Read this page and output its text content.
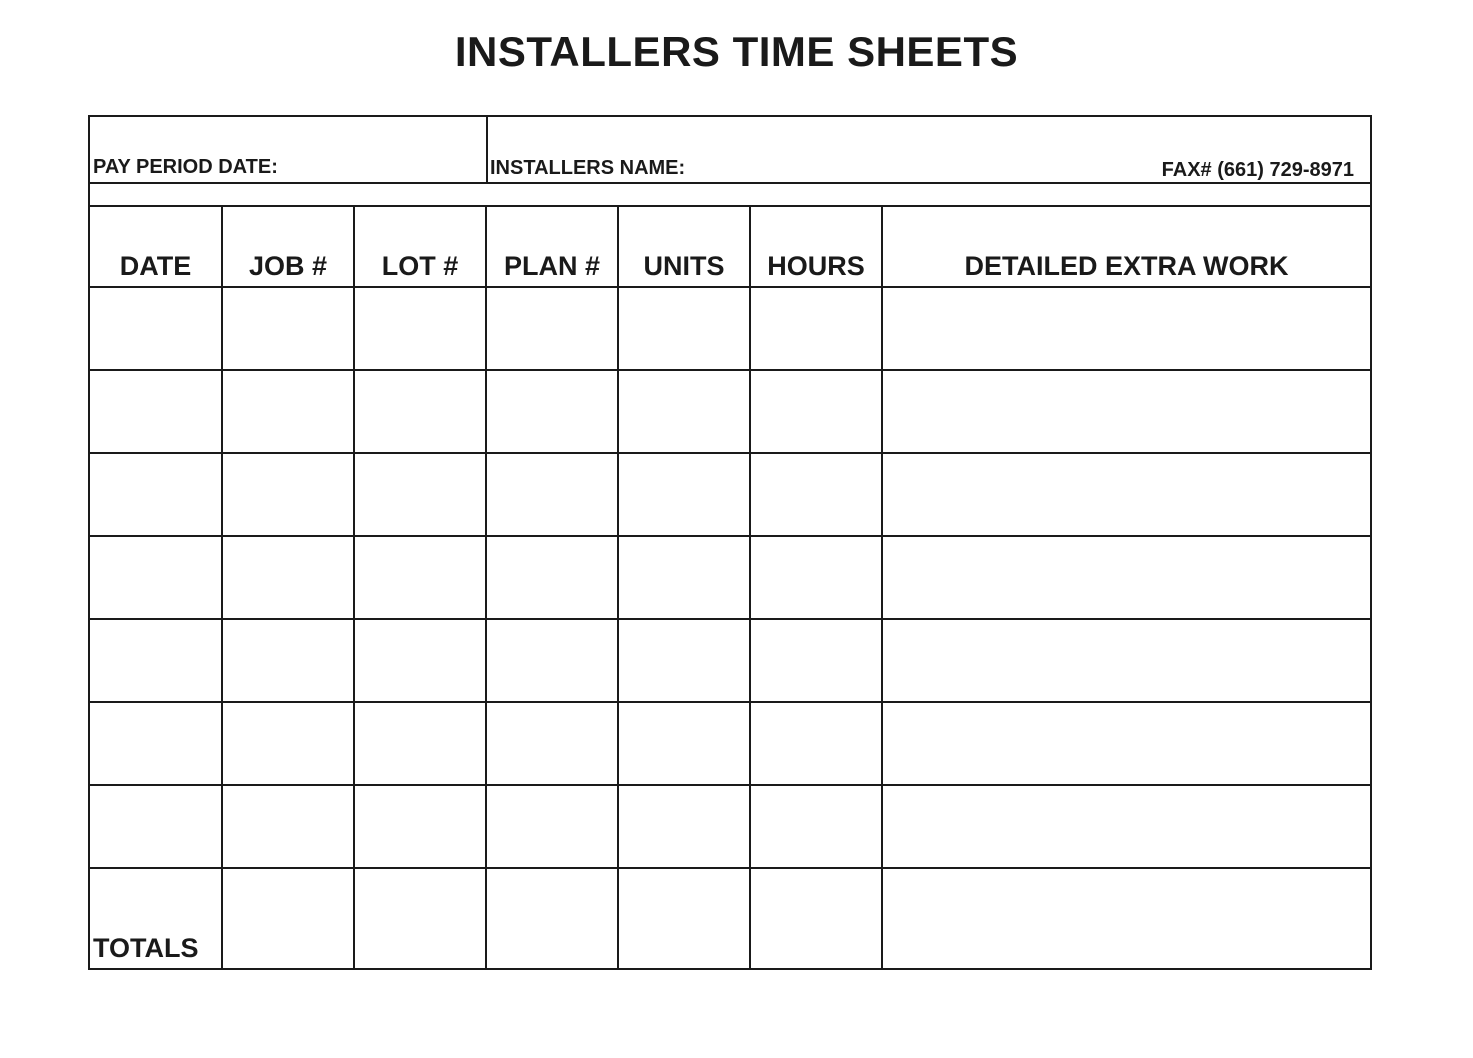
INSTALLERS TIME SHEETS
PAY PERIOD DATE:	INSTALLERS NAME:	FAX# (661) 729-8971
DATE	JOB #	LOT #	PLAN #	UNITS	HOURS	DETAILED EXTRA WORK

TOTALS						
